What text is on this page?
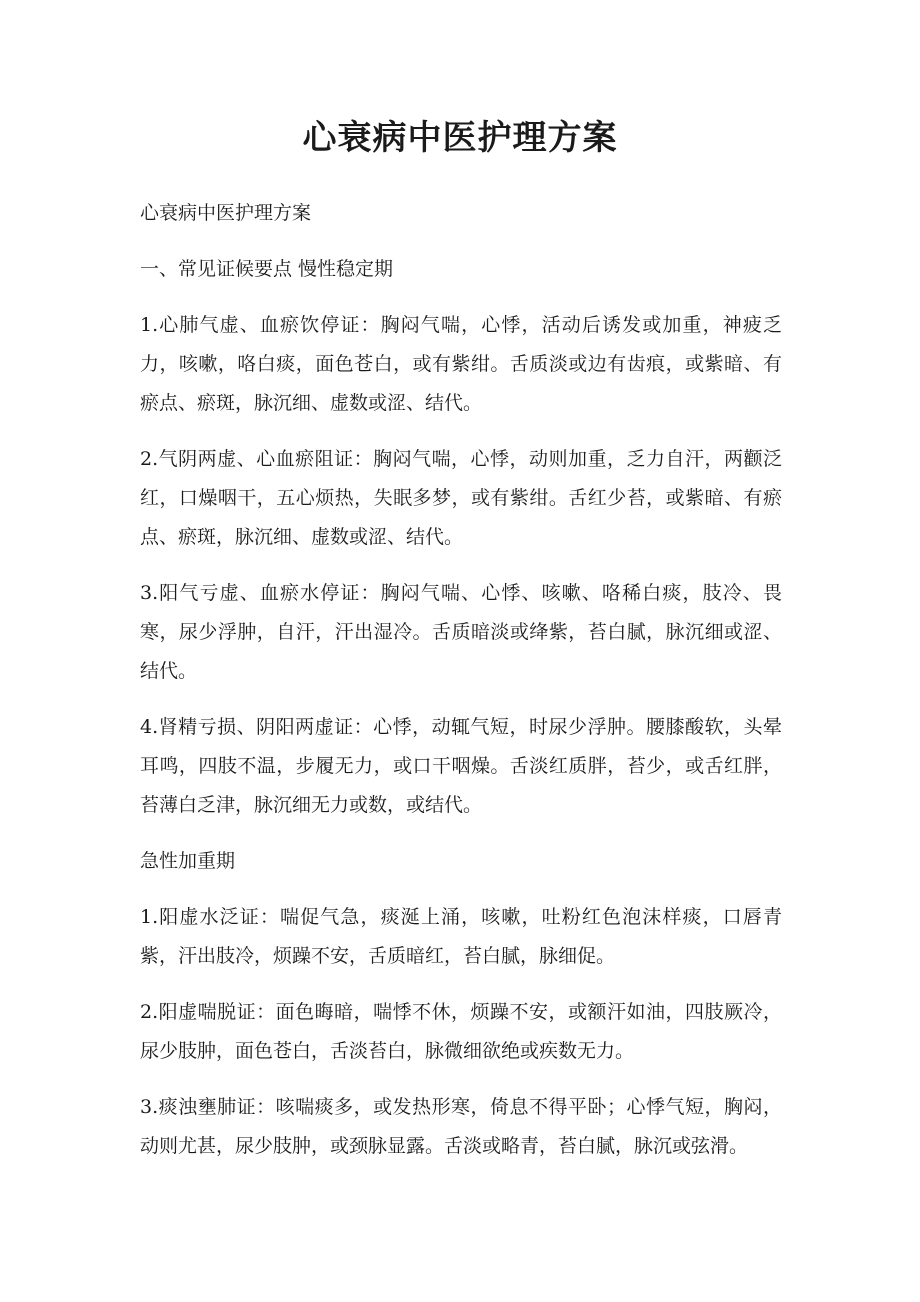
心衰病中医护理方案

心衰病中医护理方案

一、常见证候要点 慢性稳定期

1.心肺气虚、血瘀饮停证：胸闷气喘，心悸，活动后诱发或加重，神疲乏力，咳嗽，咯白痰，面色苍白，或有紫绀。舌质淡或边有齿痕，或紫暗、有瘀点、瘀斑，脉沉细、虚数或涩、结代。

2.气阴两虚、心血瘀阻证：胸闷气喘，心悸，动则加重，乏力自汗，两颧泛红，口燥咽干，五心烦热，失眠多梦，或有紫绀。舌红少苔，或紫暗、有瘀点、瘀斑，脉沉细、虚数或涩、结代。

3.阳气亏虚、血瘀水停证：胸闷气喘、心悸、咳嗽、咯稀白痰，肢冷、畏寒，尿少浮肿，自汗，汗出湿冷。舌质暗淡或绛紫，苔白腻，脉沉细或涩、结代。

4.肾精亏损、阴阳两虚证：心悸，动辄气短，时尿少浮肿。腰膝酸软，头晕耳鸣，四肢不温，步履无力，或口干咽燥。舌淡红质胖，苔少，或舌红胖，苔薄白乏津，脉沉细无力或数，或结代。

急性加重期

1.阳虚水泛证：喘促气急，痰涎上涌，咳嗽，吐粉红色泡沫样痰，口唇青紫，汗出肢冷，烦躁不安，舌质暗红，苔白腻，脉细促。

2.阳虚喘脱证：面色晦暗，喘悸不休，烦躁不安，或额汗如油，四肢厥冷，尿少肢肿，面色苍白，舌淡苔白，脉微细欲绝或疾数无力。

3.痰浊壅肺证：咳喘痰多，或发热形寒，倚息不得平卧；心悸气短，胸闷，动则尤甚，尿少肢肿，或颈脉显露。舌淡或略青，苔白腻，脉沉或弦滑。
